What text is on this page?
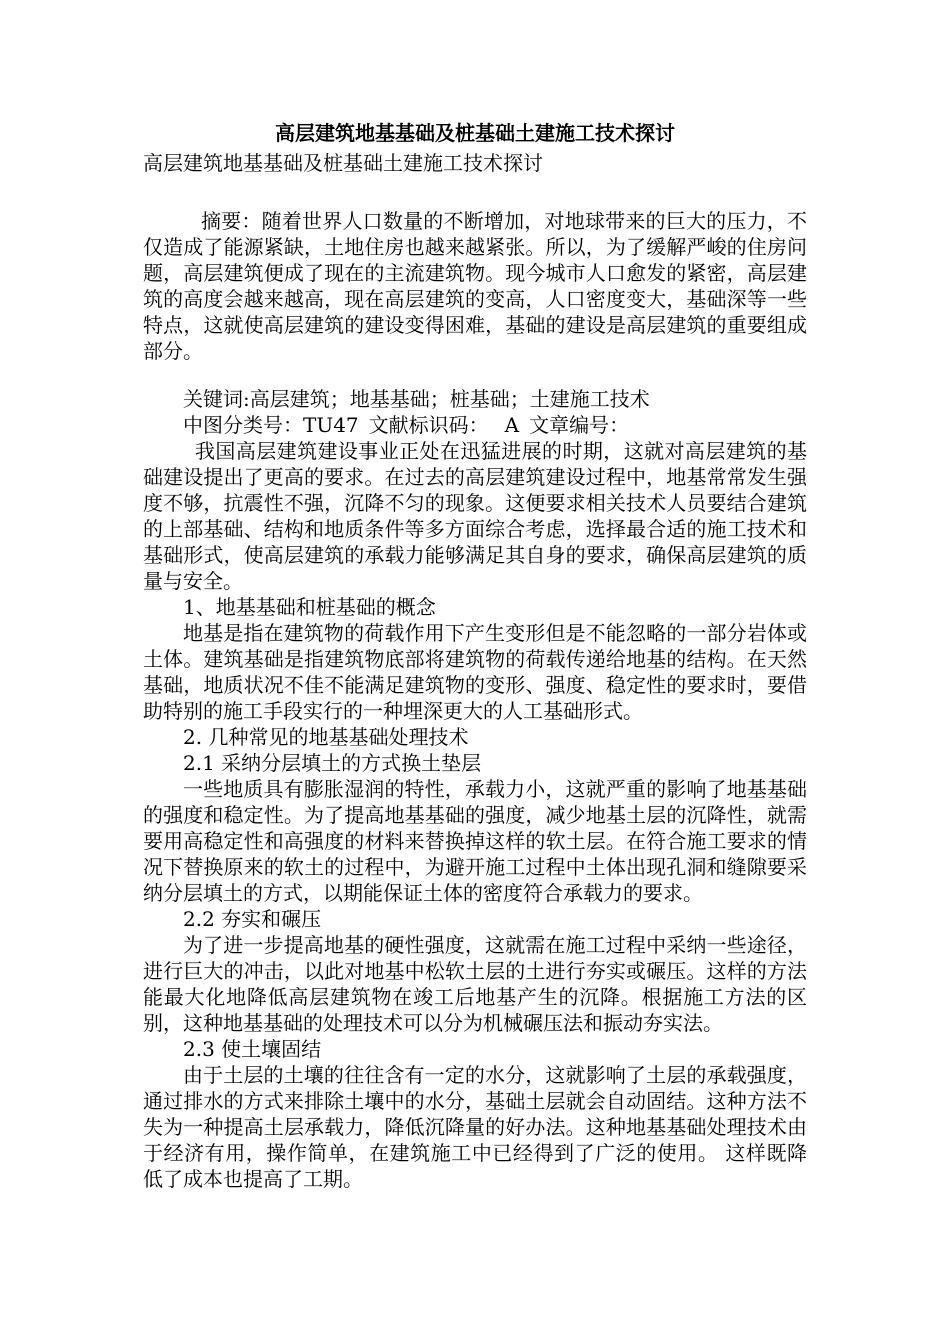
高层建筑地基基础及桩基础土建施工技术探讨

高层建筑地基基础及桩基础土建施工技术探讨

摘要：随着世界人口数量的不断增加，对地球带来的巨大的压力，不仅造成了能源紧缺，土地住房也越来越紧张。所以，为了缓解严峻的住房问题，高层建筑便成了现在的主流建筑物。现今城市人口愈发的紧密，高层建筑的高度会越来越高，现在高层建筑的变高，人口密度变大，基础深等一些特点，这就使高层建筑的建设变得困难，基础的建设是高层建筑的重要组成部分。

关键词:高层建筑；地基基础；桩基础；土建施工技术

中图分类号：TU47 文献标识码： A 文章编号：

我国高层建筑建设事业正处在迅猛进展的时期，这就对高层建筑的基础建设提出了更高的要求。在过去的高层建筑建设过程中，地基常常发生强度不够，抗震性不强，沉降不匀的现象。这便要求相关技术人员要结合建筑的上部基础、结构和地质条件等多方面综合考虑，选择最合适的施工技术和基础形式，使高层建筑的承载力能够满足其自身的要求，确保高层建筑的质量与安全。

1、地基基础和桩基础的概念

地基是指在建筑物的荷载作用下产生变形但是不能忽略的一部分岩体或土体。建筑基础是指建筑物底部将建筑物的荷载传递给地基的结构。在天然基础，地质状况不佳不能满足建筑物的变形、强度、稳定性的要求时，要借助特别的施工手段实行的一种埋深更大的人工基础形式。

2. 几种常见的地基基础处理技术

2.1 采纳分层填土的方式换土垫层

一些地质具有膨胀湿润的特性，承载力小，这就严重的影响了地基基础的强度和稳定性。为了提高地基基础的强度，减少地基土层的沉降性，就需要用高稳定性和高强度的材料来替换掉这样的软土层。在符合施工要求的情况下替换原来的软土的过程中，为避开施工过程中土体出现孔洞和缝隙要采纳分层填土的方式，以期能保证土体的密度符合承载力的要求。

2.2 夯实和碾压

为了进一步提高地基的硬性强度，这就需在施工过程中采纳一些途径，进行巨大的冲击，以此对地基中松软土层的土进行夯实或碾压。这样的方法能最大化地降低高层建筑物在竣工后地基产生的沉降。根据施工方法的区别，这种地基基础的处理技术可以分为机械碾压法和振动夯实法。

2.3 使土壤固结

由于土层的土壤的往往含有一定的水分，这就影响了土层的承载强度，通过排水的方式来排除土壤中的水分，基础土层就会自动固结。这种方法不失为一种提高土层承载力，降低沉降量的好办法。这种地基基础处理技术由于经济有用，操作简单，在建筑施工中已经得到了广泛的使用。 这样既降低了成本也提高了工期。
